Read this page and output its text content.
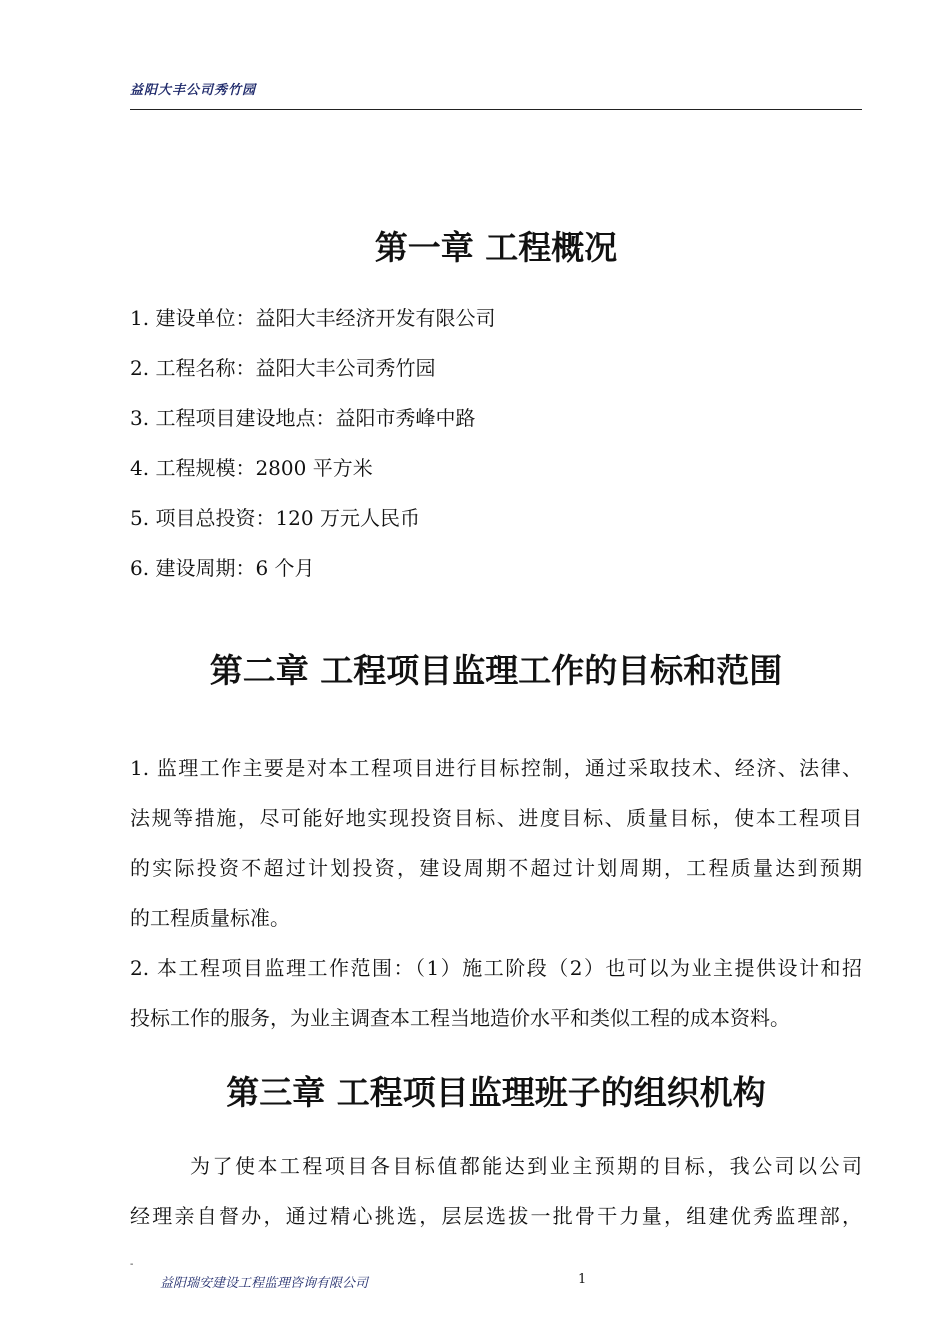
益阳大丰公司秀竹园
第一章 工程概况

1. 建设单位：益阳大丰经济开发有限公司

2. 工程名称：益阳大丰公司秀竹园

3. 工程项目建设地点：益阳市秀峰中路

4. 工程规模：2800 平方米

5. 项目总投资：120 万元人民币

6. 建设周期：6 个月

第二章 工程项目监理工作的目标和范围

1. 监理工作主要是对本工程项目进行目标控制，通过采取技术、经济、法律、

法规等措施，尽可能好地实现投资目标、进度目标、质量目标，使本工程项目

的实际投资不超过计划投资，建设周期不超过计划周期，工程质量达到预期

的工程质量标准。

2. 本工程项目监理工作范围：（1）施工阶段（2）也可以为业主提供设计和招

投标工作的服务，为业主调查本工程当地造价水平和类似工程的成本资料。

第三章 工程项目监理班子的组织机构

为了使本工程项目各目标值都能达到业主预期的目标，我公司以公司

经理亲自督办，通过精心挑选，层层选拔一批骨干力量，组建优秀监理部，

-
益阳瑞安建设工程监理咨询有限公司	1
